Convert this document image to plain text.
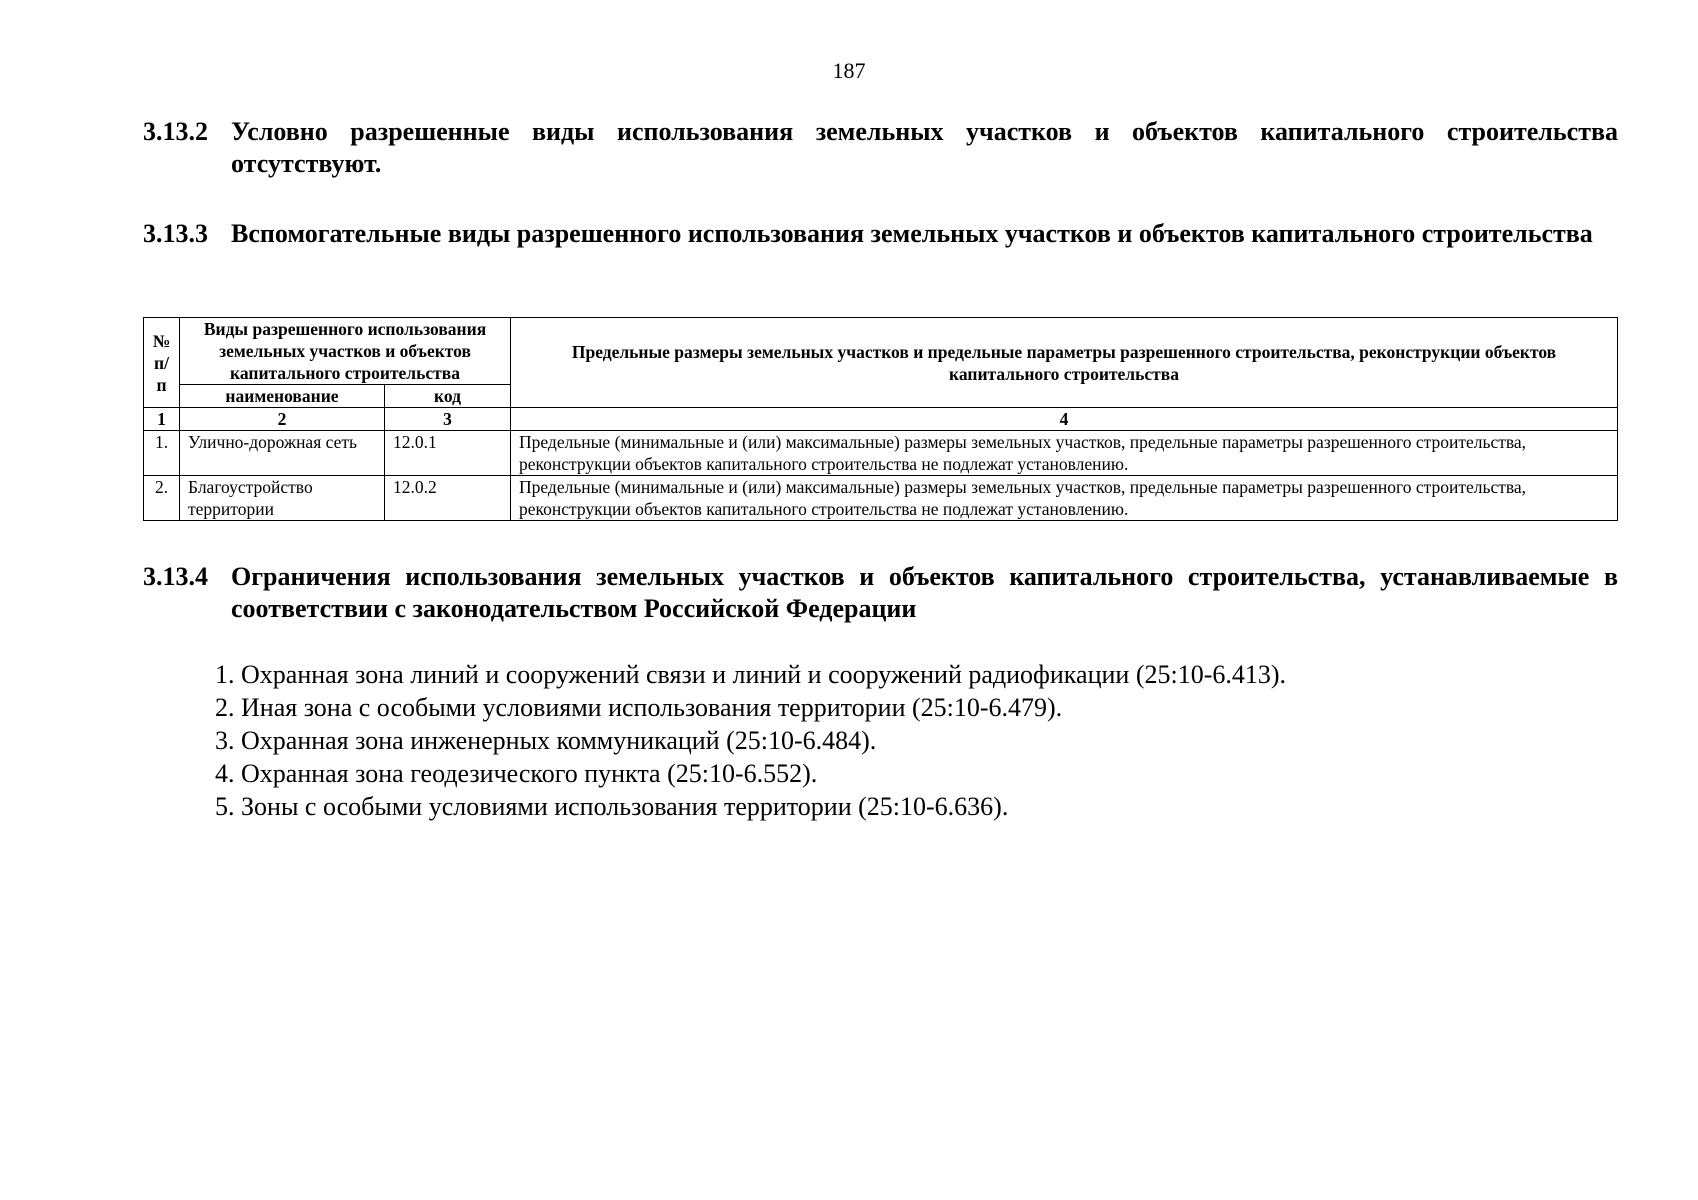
187
3.13.2 Условно разрешенные виды использования земельных участков и объектов капитального строительства отсутствуют.
3.13.3 Вспомогательные виды разрешенного использования земельных участков и объектов капитального строительства
№ п/п	Виды разрешенного использования земельных участков и объектов капитального строительства		Предельные размеры земельных участков и предельные параметры разрешенного строительства, реконструкции объектов капитального строительства
	наименование	код	
1	2	3	4
1.	Улично-дорожная сеть	12.0.1	Предельные (минимальные и (или) максимальные) размеры земельных участков, предельные параметры разрешенного строительства, реконструкции объектов капитального строительства не подлежат установлению.
2.	Благоустройство территории	12.0.2	Предельные (минимальные и (или) максимальные) размеры земельных участков, предельные параметры разрешенного строительства, реконструкции объектов капитального строительства не подлежат установлению.
3.13.4 Ограничения использования земельных участков и объектов капитального строительства, устанавливаемые в соответствии с законодательством Российской Федерации
1. Охранная зона линий и сооружений связи и линий и сооружений радиофикации (25:10-6.413).
2. Иная зона с особыми условиями использования территории (25:10-6.479).
3. Охранная зона инженерных коммуникаций (25:10-6.484).
4. Охранная зона геодезического пункта (25:10-6.552).
5. Зоны с особыми условиями использования территории (25:10-6.636).
